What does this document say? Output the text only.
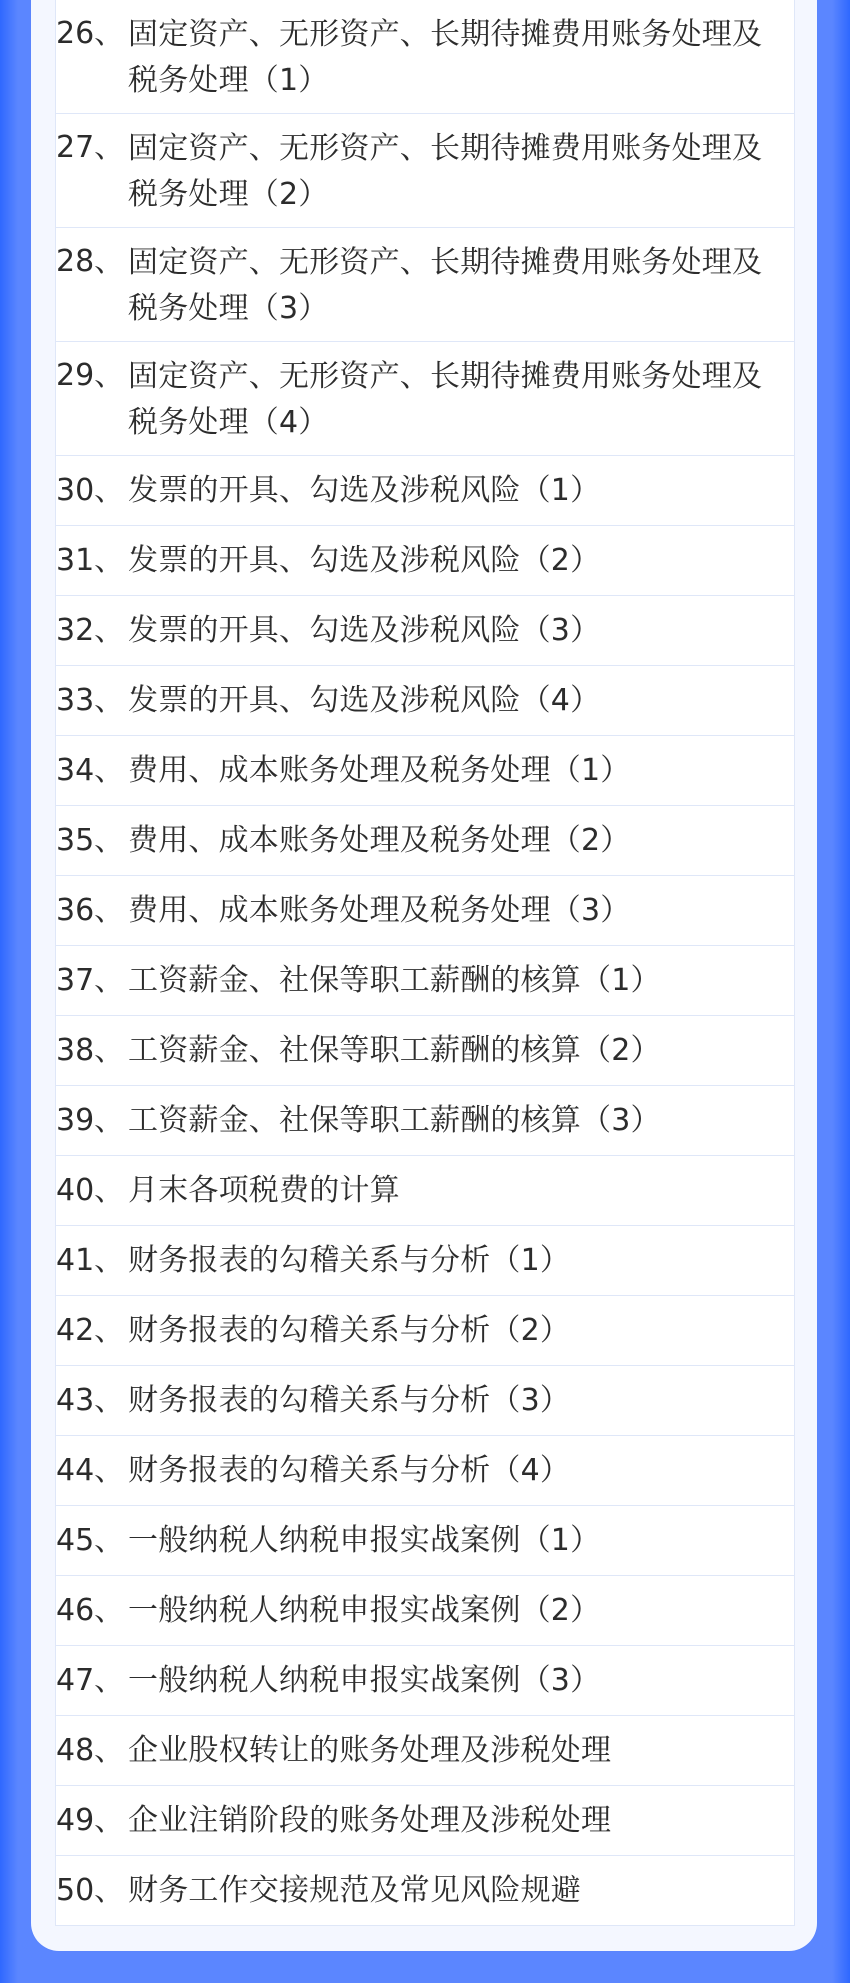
26、 固定资产、无形资产、长期待摊费用账务处理及税务处理（1）
27、 固定资产、无形资产、长期待摊费用账务处理及税务处理（2）
28、 固定资产、无形资产、长期待摊费用账务处理及税务处理（3）
29、 固定资产、无形资产、长期待摊费用账务处理及税务处理（4）
30、 发票的开具、勾选及涉税风险（1）
31、 发票的开具、勾选及涉税风险（2）
32、 发票的开具、勾选及涉税风险（3）
33、 发票的开具、勾选及涉税风险（4）
34、 费用、成本账务处理及税务处理（1）
35、 费用、成本账务处理及税务处理（2）
36、 费用、成本账务处理及税务处理（3）
37、 工资薪金、社保等职工薪酬的核算（1）
38、 工资薪金、社保等职工薪酬的核算（2）
39、 工资薪金、社保等职工薪酬的核算（3）
40、 月末各项税费的计算
41、 财务报表的勾稽关系与分析（1）
42、 财务报表的勾稽关系与分析（2）
43、 财务报表的勾稽关系与分析（3）
44、 财务报表的勾稽关系与分析（4）
45、 一般纳税人纳税申报实战案例（1）
46、 一般纳税人纳税申报实战案例（2）
47、 一般纳税人纳税申报实战案例（3）
48、 企业股权转让的账务处理及涉税处理
49、 企业注销阶段的账务处理及涉税处理
50、 财务工作交接规范及常见风险规避
